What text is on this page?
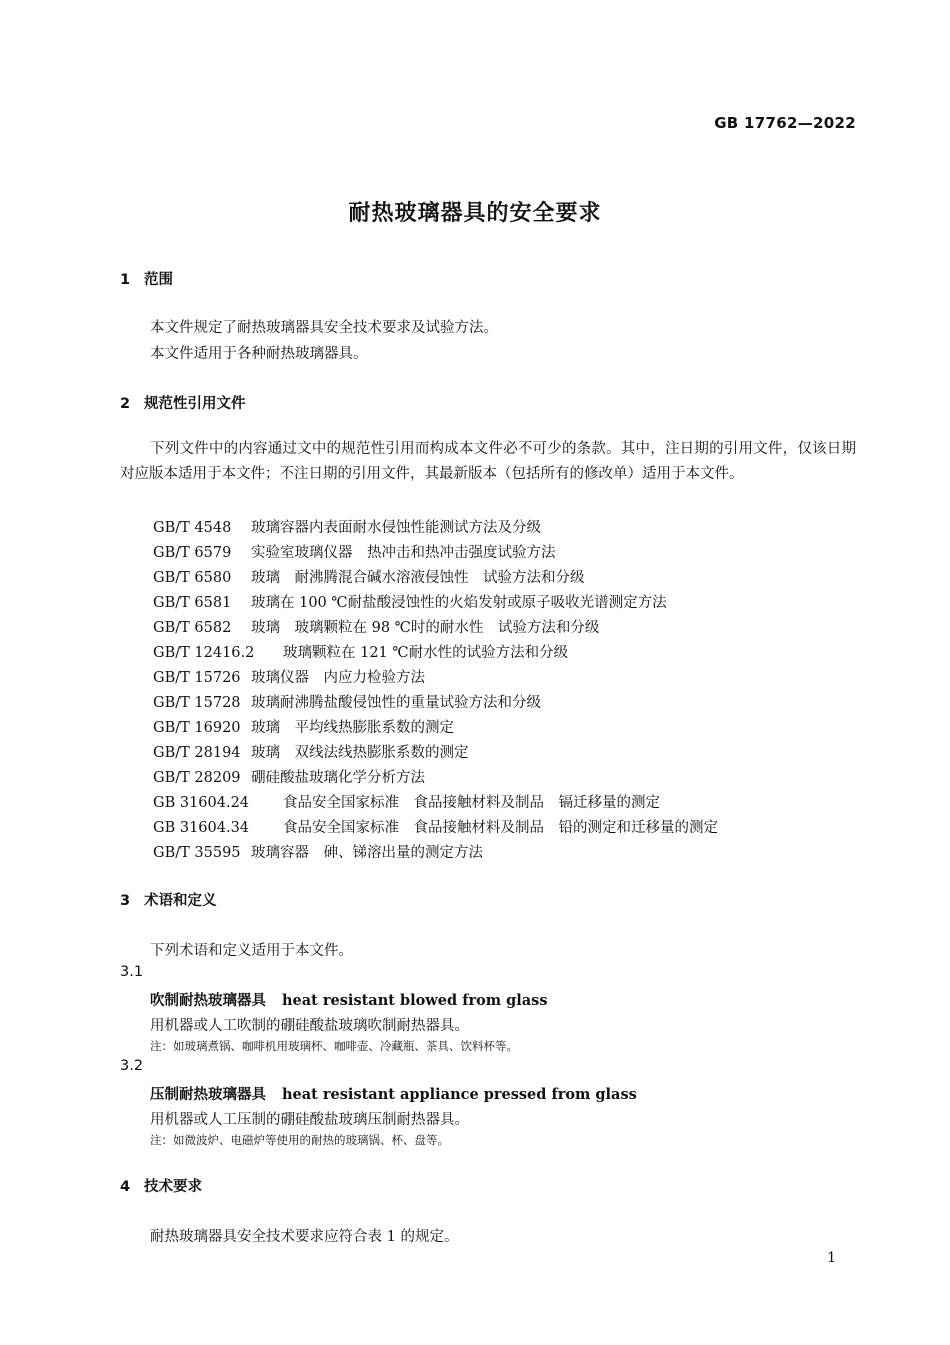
GB 17762—2022
耐热玻璃器具的安全要求
1 范围
本文件规定了耐热玻璃器具安全技术要求及试验方法。
本文件适用于各种耐热玻璃器具。
2 规范性引用文件
下列文件中的内容通过文中的规范性引用而构成本文件必不可少的条款。其中，注日期的引用文件，仅该日期对应版本适用于本文件；不注日期的引用文件，其最新版本（包括所有的修改单）适用于本文件。
GB/T 4548 玻璃容器内表面耐水侵蚀性能测试方法及分级
GB/T 6579 实验室玻璃仪器　热冲击和热冲击强度试验方法
GB/T 6580 玻璃　耐沸腾混合碱水溶液侵蚀性　试验方法和分级
GB/T 6581 玻璃在 100 ℃耐盐酸浸蚀性的火焰发射或原子吸收光谱测定方法
GB/T 6582 玻璃　玻璃颗粒在 98 ℃时的耐水性　试验方法和分级
GB/T 12416.2 玻璃颗粒在 121 ℃耐水性的试验方法和分级
GB/T 15726 玻璃仪器　内应力检验方法
GB/T 15728 玻璃耐沸腾盐酸侵蚀性的重量试验方法和分级
GB/T 16920 玻璃　平均线热膨胀系数的测定
GB/T 28194 玻璃　双线法线热膨胀系数的测定
GB/T 28209 硼硅酸盐玻璃化学分析方法
GB 31604.24 食品安全国家标准　食品接触材料及制品　镉迁移量的测定
GB 31604.34 食品安全国家标准　食品接触材料及制品　铅的测定和迁移量的测定
GB/T 35595 玻璃容器　砷、锑溶出量的测定方法
3 术语和定义
下列术语和定义适用于本文件。
3.1
吹制耐热玻璃器具 heat resistant blowed from glass
用机器或人工吹制的硼硅酸盐玻璃吹制耐热器具。
注：如玻璃煮锅、咖啡机用玻璃杯、咖啡壶、冷藏瓶、茶具、饮料杯等。
3.2
压制耐热玻璃器具 heat resistant appliance pressed from glass
用机器或人工压制的硼硅酸盐玻璃压制耐热器具。
注：如微波炉、电磁炉等使用的耐热的玻璃锅、杯、盘等。
4 技术要求
耐热玻璃器具安全技术要求应符合表 1 的规定。
1
